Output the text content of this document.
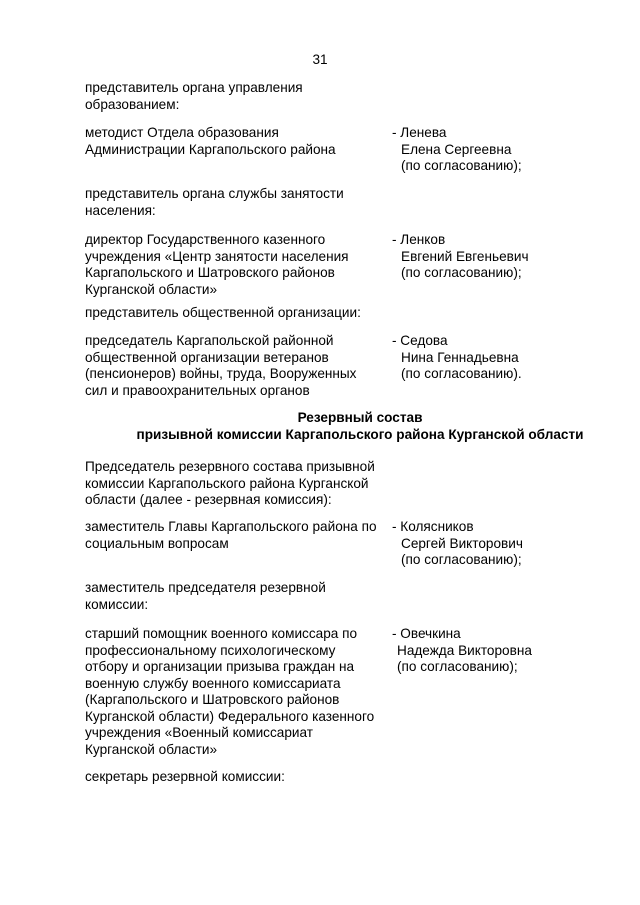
31
представитель органа управления
образованием:
методист Отдела образования
Администрации Каргапольского района
- Ленева
Елена Сергеевна
(по согласованию);
представитель органа службы занятости
населения:
директор Государственного казенного
учреждения «Центр занятости населения
Каргапольского и Шатровского районов
Курганской области»
- Ленков
Евгений Евгеньевич
(по согласованию);
представитель общественной организации:
председатель Каргапольской районной
общественной организации ветеранов
(пенсионеров) войны, труда, Вооруженных
сил и правоохранительных органов
- Седова
Нина Геннадьевна
(по согласованию).
Резервный состав
призывной комиссии Каргапольского района Курганской области
Председатель резервного состава призывной
комиссии Каргапольского района Курганской
области (далее - резервная комиссия):
заместитель Главы Каргапольского района по
социальным вопросам
- Колясников
Сергей Викторович
(по согласованию);
заместитель председателя резервной
комиссии:
старший помощник военного комиссара по
профессиональному психологическому
отбору и организации призыва граждан на
военную службу военного комиссариата
(Каргапольского и Шатровского районов
Курганской области) Федерального казенного
учреждения «Военный комиссариат
Курганской области»
- Овечкина
Надежда Викторовна
(по согласованию);
секретарь резервной комиссии:
